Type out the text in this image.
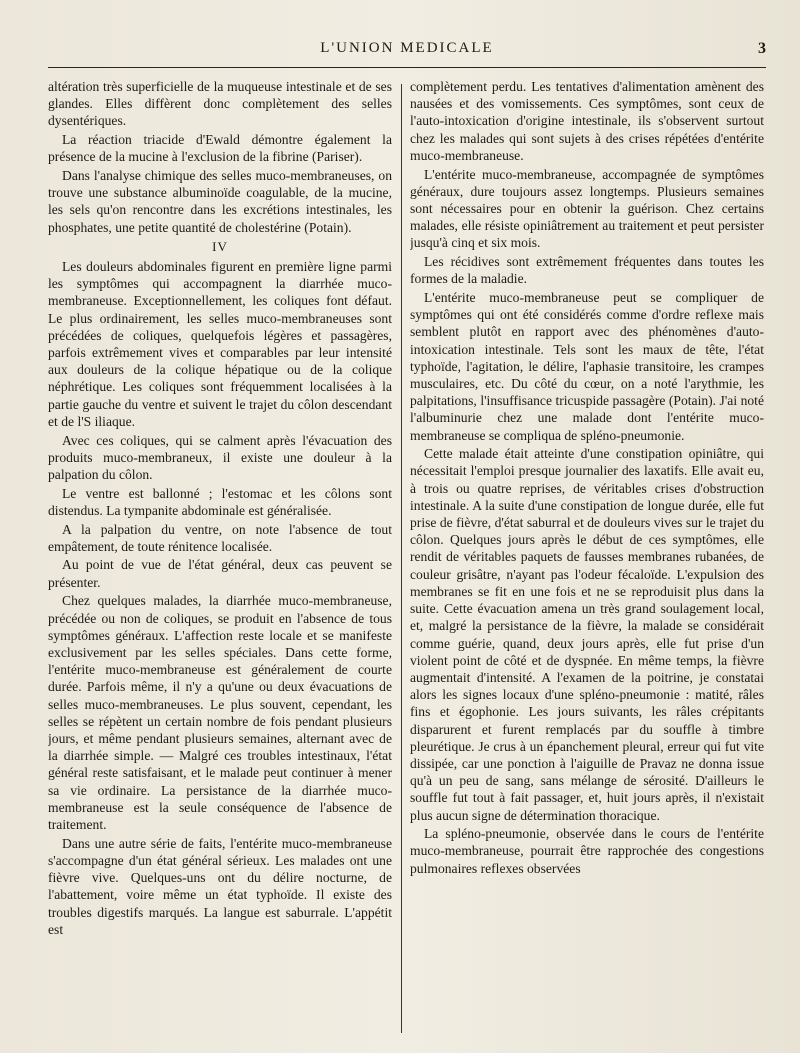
L'UNION MEDICALE	3

altération très superficielle de la muqueuse intestinale et de ses glandes. Elles diffèrent donc complètement des selles dysentériques.

La réaction triacide d'Ewald démontre également la présence de la mucine à l'exclusion de la fibrine (Pariser).

Dans l'analyse chimique des selles muco-membraneuses, on trouve une substance albuminoïde coagulable, de la mucine, les sels qu'on rencontre dans les excrétions intestinales, les phosphates, une petite quantité de cholestérine (Potain).

IV

Les douleurs abdominales figurent en première ligne parmi les symptômes qui accompagnent la diarrhée muco-membraneuse. Exceptionnellement, les coliques font défaut. Le plus ordinairement, les selles muco-membraneuses sont précédées de coliques, quelquefois légères et passagères, parfois extrêmement vives et comparables par leur intensité aux douleurs de la colique hépatique ou de la colique néphrétique. Les coliques sont fréquemment localisées à la partie gauche du ventre et suivent le trajet du côlon descendant et de l'S iliaque.

Avec ces coliques, qui se calment après l'évacuation des produits muco-membraneux, il existe une douleur à la palpation du côlon.

Le ventre est ballonné ; l'estomac et les côlons sont distendus. La tympanite abdominale est généralisée.

A la palpation du ventre, on note l'absence de tout empâtement, de toute rénitence localisée.

Au point de vue de l'état général, deux cas peuvent se présenter.

Chez quelques malades, la diarrhée muco-membraneuse, précédée ou non de coliques, se produit en l'absence de tous symptômes généraux. L'affection reste locale et se manifeste exclusivement par les selles spéciales. Dans cette forme, l'entérite muco-membraneuse est généralement de courte durée. Parfois même, il n'y a qu'une ou deux évacuations de selles muco-membraneuses. Le plus souvent, cependant, les selles se répètent un certain nombre de fois pendant plusieurs jours, et même pendant plusieurs semaines, alternant avec de la diarrhée simple. — Malgré ces troubles intestinaux, l'état général reste satisfaisant, et le malade peut continuer à mener sa vie ordinaire. La persistance de la diarrhée muco-membraneuse est la seule conséquence de l'absence de traitement.

Dans une autre série de faits, l'entérite muco-membraneuse s'accompagne d'un état général sérieux. Les malades ont une fièvre vive. Quelques-uns ont du délire nocturne, de l'abattement, voire même un état typhoïde. Il existe des troubles digestifs marqués. La langue est saburrale. L'appétit est

complètement perdu. Les tentatives d'alimentation amènent des nausées et des vomissements. Ces symptômes, sont ceux de l'auto-intoxication d'origine intestinale, ils s'observent surtout chez les malades qui sont sujets à des crises répétées d'entérite muco-membraneuse.

L'entérite muco-membraneuse, accompagnée de symptômes généraux, dure toujours assez longtemps. Plusieurs semaines sont nécessaires pour en obtenir la guérison. Chez certains malades, elle résiste opiniâtrement au traitement et peut persister jusqu'à cinq et six mois.

Les récidives sont extrêmement fréquentes dans toutes les formes de la maladie.

L'entérite muco-membraneuse peut se compliquer de symptômes qui ont été considérés comme d'ordre reflexe mais semblent plutôt en rapport avec des phénomènes d'auto-intoxication intestinale. Tels sont les maux de tête, l'état typhoïde, l'agitation, le délire, l'aphasie transitoire, les crampes musculaires, etc. Du côté du cœur, on a noté l'arythmie, les palpitations, l'insuffisance tricuspide passagère (Potain). J'ai noté l'albuminurie chez une malade dont l'entérite muco-membraneuse se compliqua de spléno-pneumonie.

Cette malade était atteinte d'une constipation opiniâtre, qui nécessitait l'emploi presque journalier des laxatifs. Elle avait eu, à trois ou quatre reprises, de véritables crises d'obstruction intestinale. A la suite d'une constipation de longue durée, elle fut prise de fièvre, d'état saburral et de douleurs vives sur le trajet du côlon. Quelques jours après le début de ces symptômes, elle rendit de véritables paquets de fausses membranes rubanées, de couleur grisâtre, n'ayant pas l'odeur fécaloïde. L'expulsion des membranes se fit en une fois et ne se reproduisit plus dans la suite. Cette évacuation amena un très grand soulagement local, et, malgré la persistance de la fièvre, la malade se considérait comme guérie, quand, deux jours après, elle fut prise d'un violent point de côté et de dyspnée. En même temps, la fièvre augmentait d'intensité. A l'examen de la poitrine, je constatai alors les signes locaux d'une spléno-pneumonie : matité, râles fins et égophonie. Les jours suivants, les râles crépitants disparurent et furent remplacés par du souffle à timbre pleurétique. Je crus à un épanchement pleural, erreur qui fut vite dissipée, car une ponction à l'aiguille de Pravaz ne donna issue qu'à un peu de sang, sans mélange de sérosité. D'ailleurs le souffle fut tout à fait passager, et, huit jours après, il n'existait plus aucun signe de détermination thoracique.

La spléno-pneumonie, observée dans le cours de l'entérite muco-membraneuse, pourrait être rapprochée des congestions pulmonaires reflexes observées
